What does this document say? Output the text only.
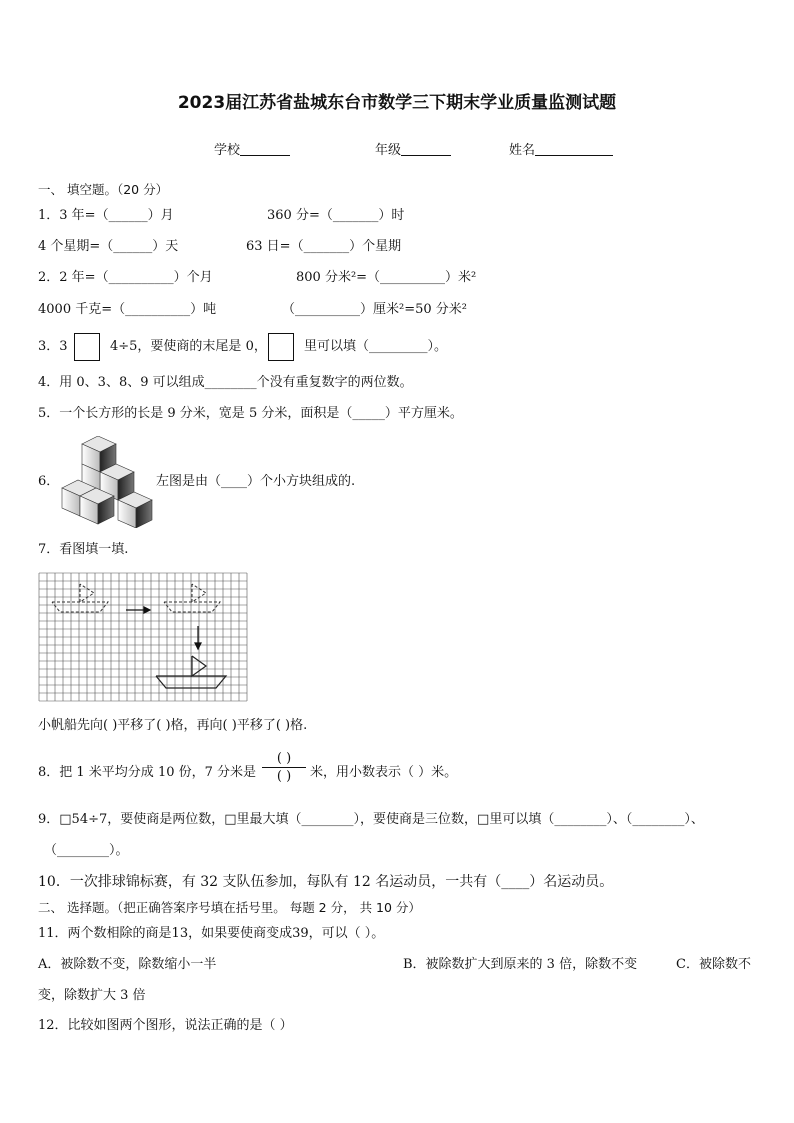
2023届江苏省盐城东台市数学三下期末学业质量监测试题
学校	年级	姓名
一、 填空题。（20 分）
1．3 年=（______）月	360 分=（_______）时
4 个星期=（______）天	63 日=（_______）个星期
2．2 年=（__________）个月	800 分米²=（__________）米²
4000 千克=（__________）吨	（__________）厘米²=50 分米²
3．3	4÷5，要使商的末尾是 0，	里可以填（_________）。
4．用 0、3、8、9 可以组成________个没有重复数字的两位数。
5．一个长方形的长是 9 分米，宽是 5 分米，面积是（_____）平方厘米。
6．	左图是由（____）个小方块组成的.
7．看图填一填.
小帆船先向( )平移了( )格，再向( )平移了( )格.
8．把 1 米平均分成 10 份，7 分米是
( )
( )	米，用小数表示（ ）米。
9．□54÷7，要使商是两位数，□里最大填（________），要使商是三位数，□里可以填（________）、（________）、
（________）。
10．一次排球锦标赛，有 32 支队伍参加，每队有 12 名运动员，一共有（____）名运动员。
二、 选择题。（把正确答案序号填在括号里。 每题 2 分， 共 10 分）
11．两个数相除的商是13，如果要使商变成39，可以（ ）。
A．被除数不变，除数缩小一半	B．被除数扩大到原来的 3 倍，除数不变	C．被除数不
变，除数扩大 3 倍
12．比较如图两个图形，说法正确的是（ ）
